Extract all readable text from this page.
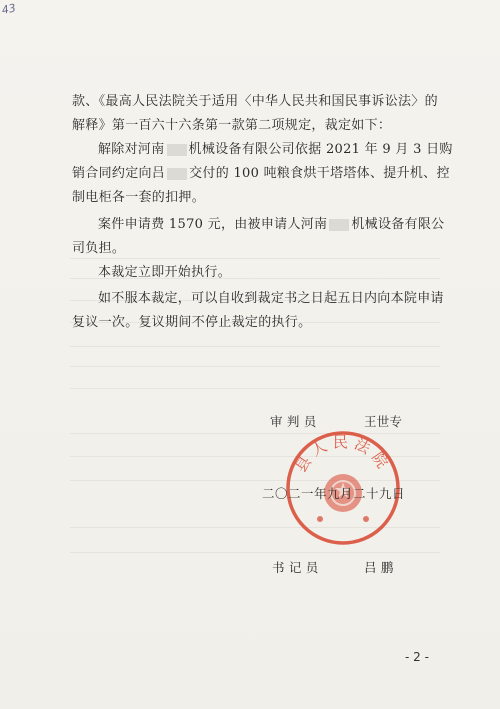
43
款、《最高人民法院关于适用〈中华人民共和国民事诉讼法〉的
解释》第一百六十六条第一款第二项规定，裁定如下：
解除对河南 机械设备有限公司依据 2021 年 9 月 3 日购
销合同约定向吕 交付的 100 吨粮食烘干塔塔体、提升机、控
制电柜各一套的扣押。
案件申请费 1570 元，由被申请人河南 机械设备有限公
司负担。
本裁定立即开始执行。
如不服本裁定，可以自收到裁定书之日起五日内向本院申请
复议一次。复议期间不停止裁定的执行。
县人民法院
审 判 员	王世专
二〇二一年九月二十九日
书 记 员	吕 鹏
- 2 -
